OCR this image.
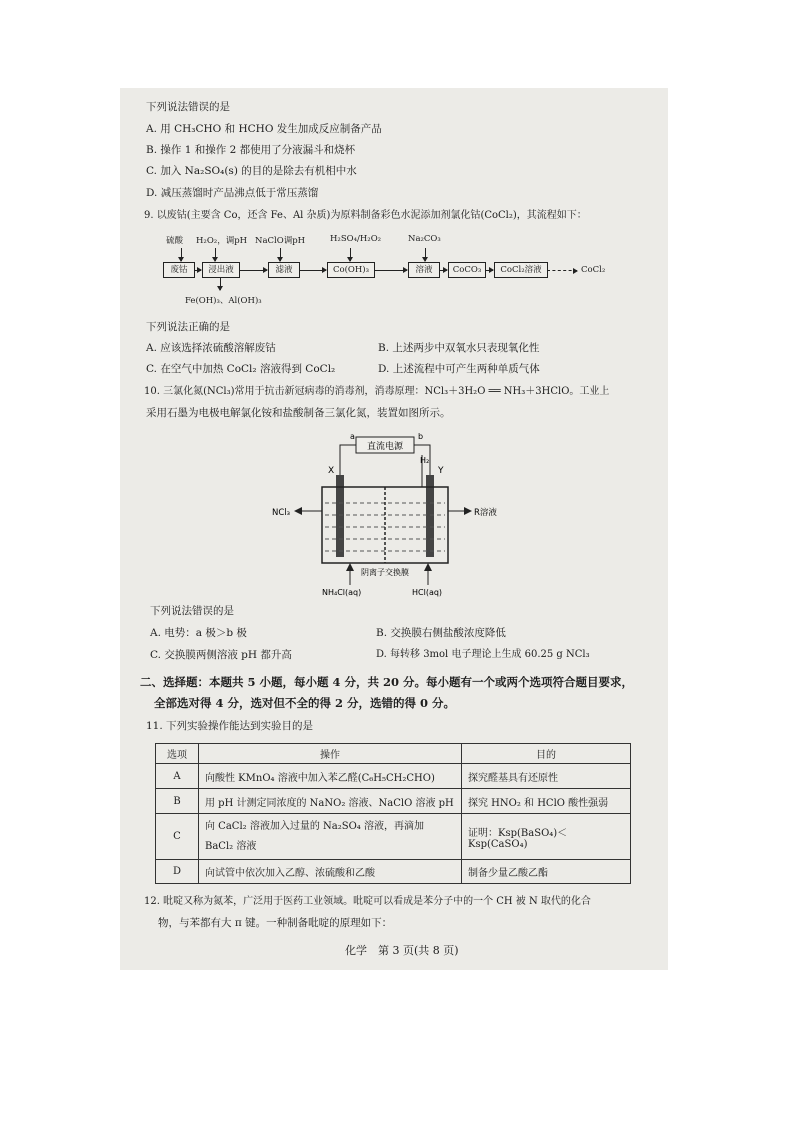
下列说法错误的是
A. 用 CH₃CHO 和 HCHO 发生加成反应制备产品
B. 操作 1 和操作 2 都使用了分液漏斗和烧杯
C. 加入 Na₂SO₄(s) 的目的是除去有机相中水
D. 减压蒸馏时产品沸点低于常压蒸馏
9. 以废钴(主要含 Co，还含 Fe、Al 杂质)为原料制备彩色水泥添加剂氯化钴(CoCl₂)，其流程如下：
硫酸 H₂O₂，调pH NaClO调pH	H₂SO₄/H₂O₂	Na₂CO₃
废钴	浸出液	滤液	Co(OH)₃	溶液	CoCO₃	CoCl₂溶液	CoCl₂
Fe(OH)₃、Al(OH)₃
下列说法正确的是
A. 应该选择浓硫酸溶解废钴	B. 上述两步中双氧水只表现氧化性
C. 在空气中加热 CoCl₂ 溶液得到 CoCl₂	D. 上述流程中可产生两种单质气体
10. 三氯化氮(NCl₃)常用于抗击新冠病毒的消毒剂，消毒原理：NCl₃＋3H₂O ══ NH₃＋3HClO。工业上
采用石墨为电极电解氯化铵和盐酸制备三氯化氮，装置如图所示。
直流电源
a	b
X	Y
H₂
NCl₃	R溶液
阴离子交换膜
NH₄Cl(aq)	HCl(aq)
下列说法错误的是
A. 电势：a 极＞b 极	B. 交换膜右侧盐酸浓度降低
C. 交换膜两侧溶液 pH 都升高	D. 每转移 3mol 电子理论上生成 60.25 g NCl₃
二、选择题：本题共 5 小题，每小题 4 分，共 20 分。每小题有一个或两个选项符合题目要求，
全部选对得 4 分，选对但不全的得 2 分，选错的得 0 分。
11. 下列实验操作能达到实验目的是
选项	操作	目的
A	向酸性 KMnO₄ 溶液中加入苯乙醛(C₆H₅CH₂CHO)	探究醛基具有还原性
B	用 pH 计测定同浓度的 NaNO₂ 溶液、NaClO 溶液 pH	探究 HNO₂ 和 HClO 酸性强弱
C	向 CaCl₂ 溶液加入过量的 Na₂SO₄ 溶液，再滴加 BaCl₂ 溶液	证明：Ksp(BaSO₄)＜Ksp(CaSO₄)
D	向试管中依次加入乙醇、浓硫酸和乙酸	制备少量乙酸乙酯
12. 吡啶又称为氮苯，广泛用于医药工业领域。吡啶可以看成是苯分子中的一个 CH 被 N 取代的化合
物，与苯都有大 π 键。一种制备吡啶的原理如下：
化学　第 3 页(共 8 页)
